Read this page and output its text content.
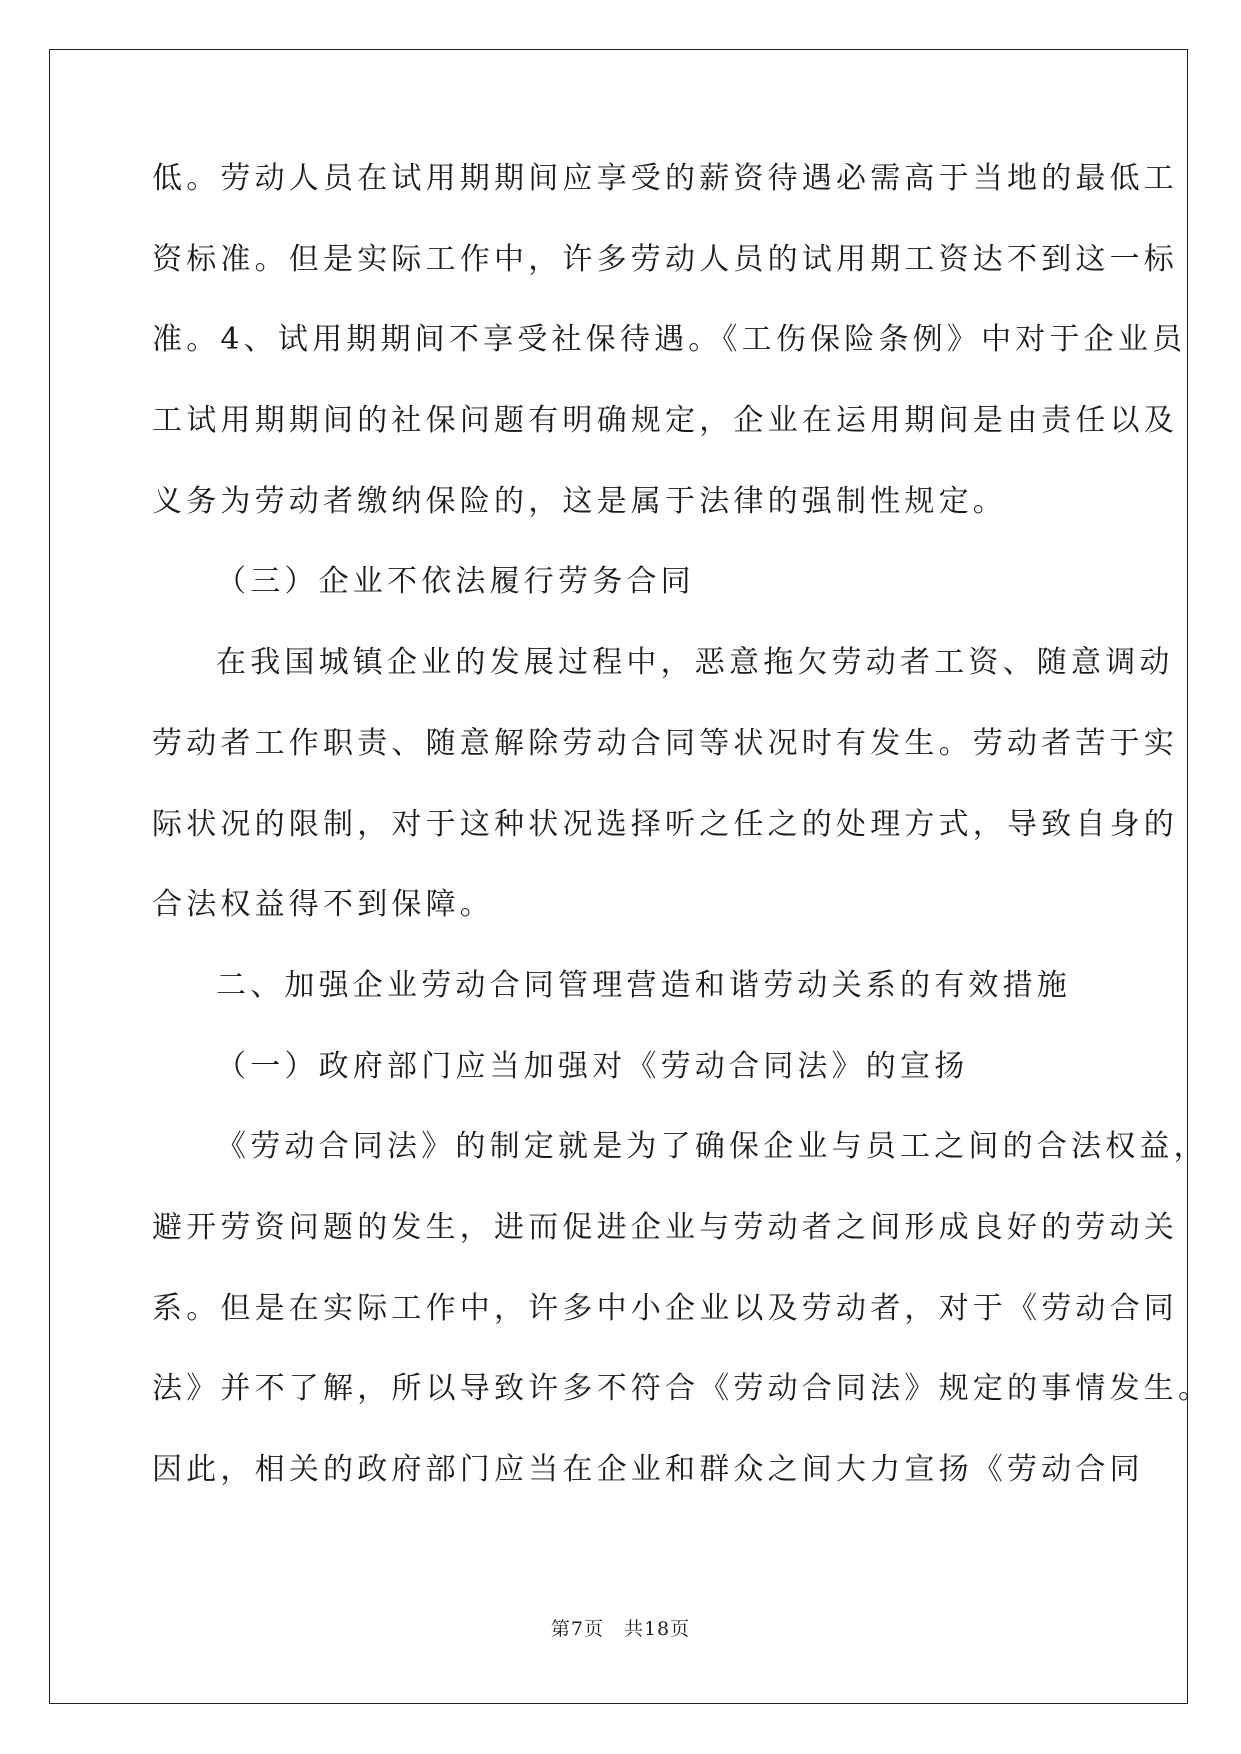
低。劳动人员在试用期期间应享受的薪资待遇必需高于当地的最低工
资标准。但是实际工作中，许多劳动人员的试用期工资达不到这一标
准。4、试用期期间不享受社保待遇。《工伤保险条例》中对于企业员
工试用期期间的社保问题有明确规定，企业在运用期间是由责任以及
义务为劳动者缴纳保险的，这是属于法律的强制性规定。
（三）企业不依法履行劳务合同
在我国城镇企业的发展过程中，恶意拖欠劳动者工资、随意调动
劳动者工作职责、随意解除劳动合同等状况时有发生。劳动者苦于实
际状况的限制，对于这种状况选择听之任之的处理方式，导致自身的
合法权益得不到保障。
二、加强企业劳动合同管理营造和谐劳动关系的有效措施
（一）政府部门应当加强对《劳动合同法》的宣扬
《劳动合同法》的制定就是为了确保企业与员工之间的合法权益，
避开劳资问题的发生，进而促进企业与劳动者之间形成良好的劳动关
系。但是在实际工作中，许多中小企业以及劳动者，对于《劳动合同
法》并不了解，所以导致许多不符合《劳动合同法》规定的事情发生。
因此，相关的政府部门应当在企业和群众之间大力宣扬《劳动合同
第7页　共18页
